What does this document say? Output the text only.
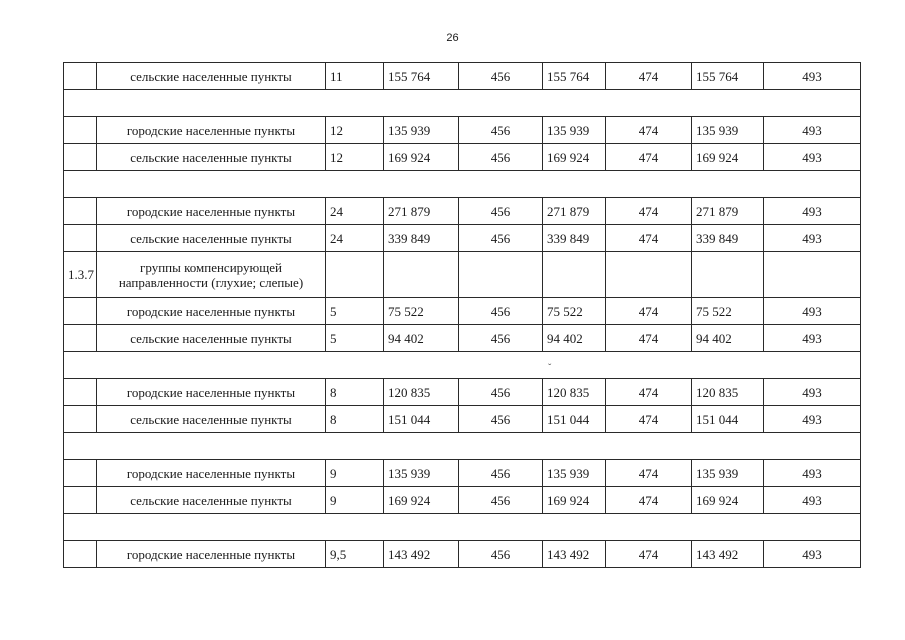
26
	сельские населенные пункты	11	155 764	456	155 764	474	155 764	493

	городские населенные пункты	12	135 939	456	135 939	474	135 939	493
	сельские населенные пункты	12	169 924	456	169 924	474	169 924	493

	городские населенные пункты	24	271 879	456	271 879	474	271 879	493
	сельские населенные пункты	24	339 849	456	339 849	474	339 849	493
1.3.7	группы компенсирующей направленности (глухие; слепые)							
	городские населенные пункты	5	75 522	456	75 522	474	75 522	493
	сельские населенные пункты	5	94 402	456	94 402	474	94 402	493

	городские населенные пункты	8	120 835	456	120 835	474	120 835	493
	сельские населенные пункты	8	151 044	456	151 044	474	151 044	493

	городские населенные пункты	9	135 939	456	135 939	474	135 939	493
	сельские населенные пункты	9	169 924	456	169 924	474	169 924	493

	городские населенные пункты	9,5	143 492	456	143 492	474	143 492	493
ˇ
